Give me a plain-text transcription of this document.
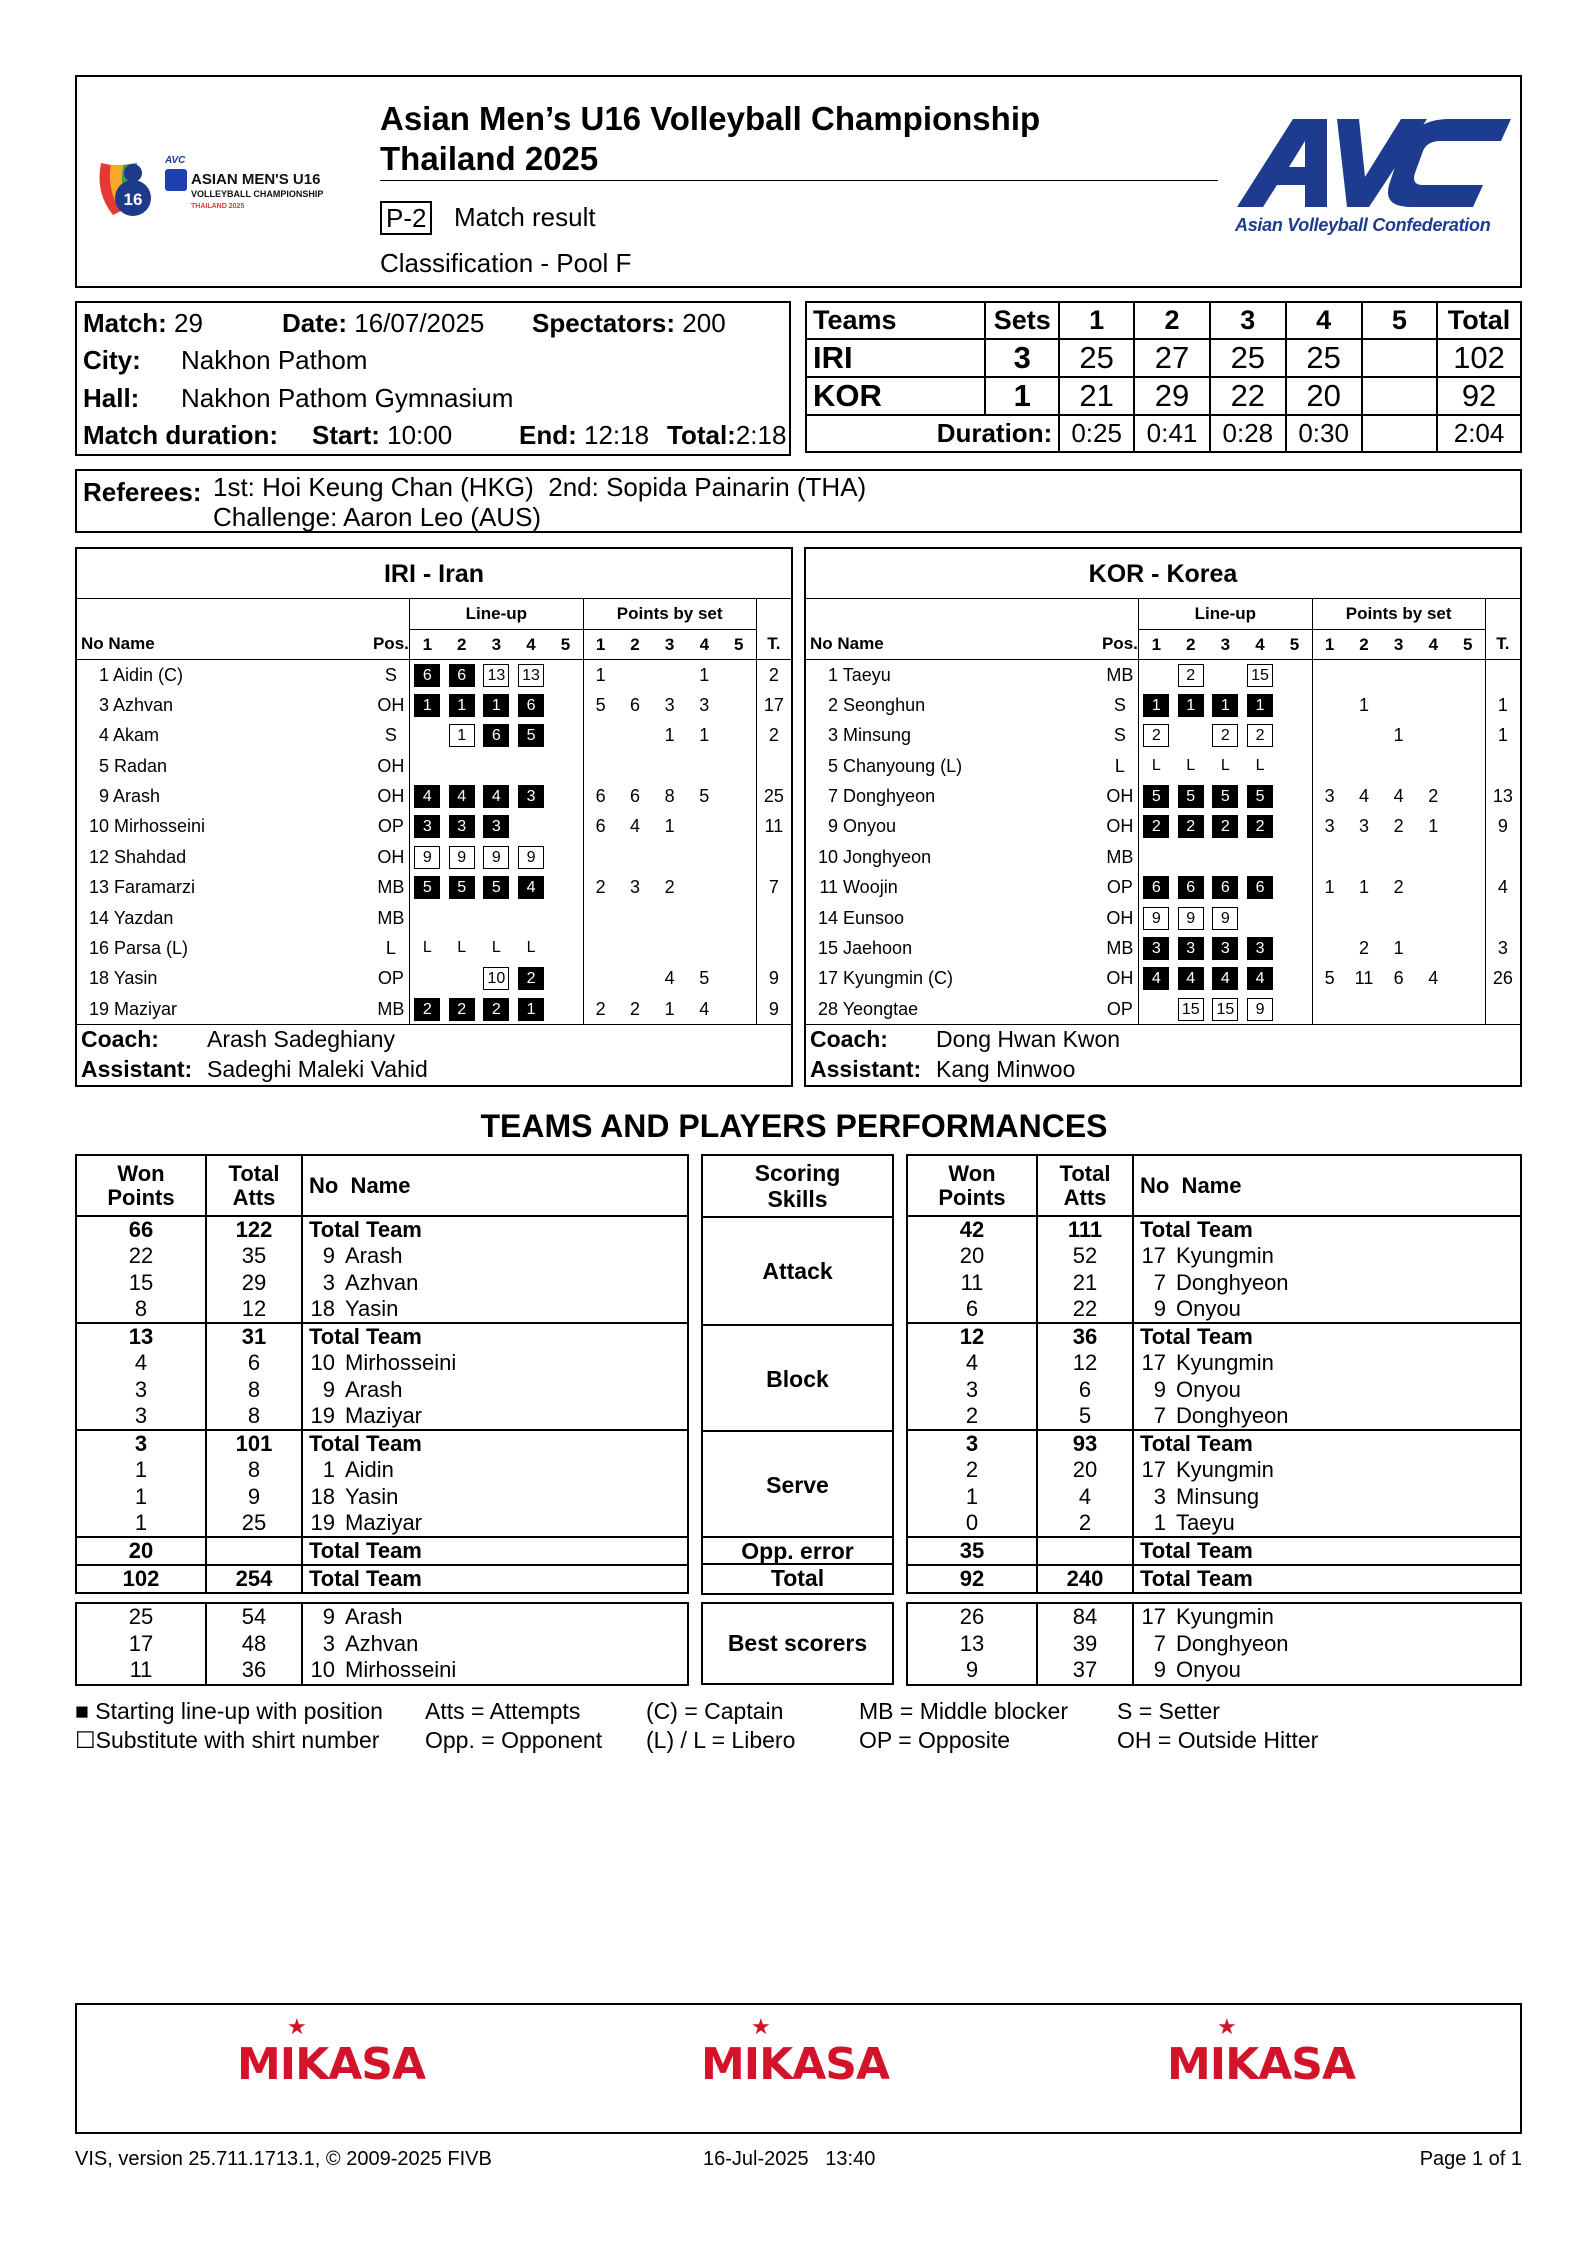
16
AVC
ASIAN MEN'S U16
VOLLEYBALL CHAMPIONSHIP
THAILAND 2025
Asian Men’s U16 Volleyball Championship
Thailand 2025
P-2 Match result
Classification - Pool F
Asian Volleyball Confederation
Match: 29	Date: 16/07/2025 Spectators: 200
City: Nakhon Pathom
Hall: Nakhon Pathom Gymnasium
Match duration: Start: 10:00	End: 12:18 Total:2:18
Teams	Sets	1	2	3	4	5	Total
IRI	3	25	27	25	25		102
KOR	1	21	29	22	20		92
Duration:		0:25	0:41	0:28	0:30		2:04
Referees: 1st: Hoi Keung Chan (HKG)  2nd: Sopida Painarin (THA)
Challenge: Aaron Leo (AUS)
IRI - Iran
		Line-up					Points by set					
No Name	Pos.	1	2	3	4	5	1	2	3	4	5	T.
1 Aidin (C)	S	6	6	13	13		1			1		2
3 Azhvan	OH	1	1	1	6		5	6	3	3		17
4 Akam	S		1	6	5				1	1		2
5 Radan	OH											
9 Arash	OH	4	4	4	3		6	6	8	5		25
10 Mirhosseini	OP	3	3	3			6	4	1			11
12 Shahdad	OH	9	9	9	9							
13 Faramarzi	MB	5	5	5	4		2	3	2			7
14 Yazdan	MB											
16 Parsa (L)	L	L	L	L	L							
18 Yasin	OP			10	2				4	5		9
19 Maziyar	MB	2	2	2	1		2	2	1	4		9
Coach: Arash Sadeghiany												
Assistant: Sadeghi Maleki Vahid												
KOR - Korea
		Line-up					Points by set					
No Name	Pos.	1	2	3	4	5	1	2	3	4	5	T.
1 Taeyu	MB		2		15							
2 Seonghun	S	1	1	1	1			1				1
3 Minsung	S	2		2	2				1			1
5 Chanyoung (L)	L	L	L	L	L							
7 Donghyeon	OH	5	5	5	5		3	4	4	2		13
9 Onyou	OH	2	2	2	2		3	3	2	1		9
10 Jonghyeon	MB											
11 Woojin	OP	6	6	6	6		1	1	2			4
14 Eunsoo	OH	9	9	9								
15 Jaehoon	MB	3	3	3	3			2	1			3
17 Kyungmin (C)	OH	4	4	4	4		5	11	6	4		26
28 Yeongtae	OP		15	15	9							
Coach: Dong Hwan Kwon												
Assistant: Kang Minwoo												
TEAMS AND PLAYERS PERFORMANCES
Won Points	Total Atts	No  Name
66	122	Total Team
22	35	9 Arash
15	29	3 Azhvan
8	12	18 Yasin
13	31	Total Team
4	6	10 Mirhosseini
3	8	9 Arash
3	8	19 Maziyar
3	101	Total Team
1	8	1 Aidin
1	9	18 Yasin
1	25	19 Maziyar
20		Total Team
102	254	Total Team
Scoring Skills
Attack
Block
Serve
Opp. error
Total
Won Points	Total Atts	No  Name
42	111	Total Team
20	52	17 Kyungmin
11	21	7 Donghyeon
6	22	9 Onyou
12	36	Total Team
4	12	17 Kyungmin
3	6	9 Onyou
2	5	7 Donghyeon
3	93	Total Team
2	20	17 Kyungmin
1	4	3 Minsung
0	2	1 Taeyu
35		Total Team
92	240	Total Team
25	54	9 Arash
17	48	3 Azhvan
11	36	10 Mirhosseini
Best scorers
26	84	17 Kyungmin
13	39	7 Donghyeon
9	37	9 Onyou
■ Starting line-up with position
☐Substitute with shirt number
Atts = Attempts
Opp. = Opponent
(C) = Captain
(L) / L = Libero
MB = Middle blocker
OP = Opposite
S = Setter
OH = Outside Hitter
★
MIKASA
★
MIKASA
★
MIKASA
VIS, version 25.711.1713.1, © 2009-2025 FIVB	16-Jul-2025   13:40	Page 1 of 1
